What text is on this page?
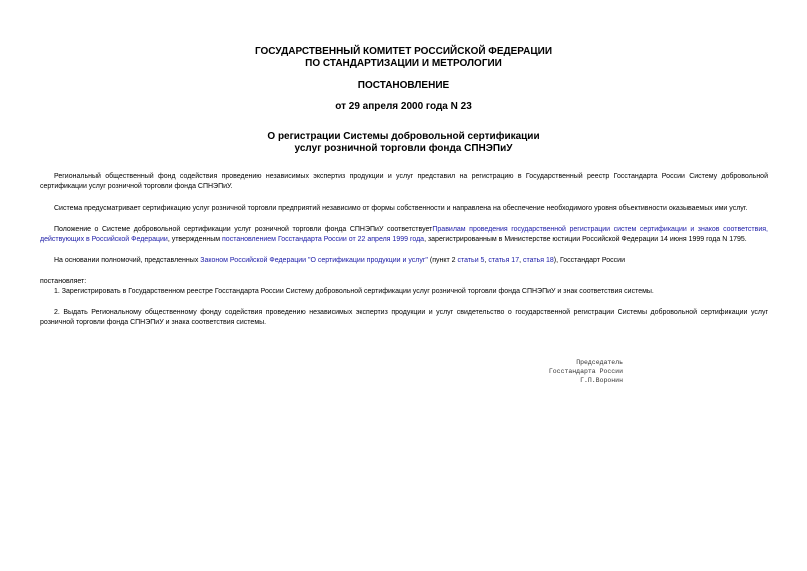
ГОСУДАРСТВЕННЫЙ КОМИТЕТ РОССИЙСКОЙ ФЕДЕРАЦИИ
ПО СТАНДАРТИЗАЦИИ И МЕТРОЛОГИИ
ПОСТАНОВЛЕНИЕ
от 29 апреля 2000 года N 23
О регистрации Системы добровольной сертификации
услуг розничной торговли фонда СПНЭПиУ
Региональный общественный фонд содействия проведению независимых экспертиз продукции и услуг представил на регистрацию в Государственный реестр Госстандарта России Систему добровольной сертификации услуг розничной торговли фонда СПНЭПиУ.
Система предусматривает сертификацию услуг розничной торговли предприятий независимо от формы собственности и направлена на обеспечение необходимого уровня объективности оказываемых ими услуг.
Положение о Системе добровольной сертификации услуг розничной торговли фонда СПНЭПиУ соответствуетПравилам проведения государственной регистрации систем сертификации и знаков соответствия, действующих в Российской Федерации, утвержденным постановлением Госстандарта России от 22 апреля 1999 года, зарегистрированным в Министерстве юстиции Российской Федерации 14 июня 1999 года N 1795.
На основании полномочий, представленных Законом Российской Федерации "О сертификации продукции и услуг" (пункт 2 статьи 5, статья 17, статья 18), Госстандарт России
постановляет:
1. Зарегистрировать в Государственном реестре Госстандарта России Систему добровольной сертификации услуг розничной торговли фонда СПНЭПиУ и знак соответствия системы.
2. Выдать Региональному общественному фонду содействия проведению независимых экспертиз продукции и услуг свидетельство о государственной регистрации Системы добровольной сертификации услуг розничной торговли фонда СПНЭПиУ и знака соответствия системы.
Председатель
Госстандарта России
Г.П.Воронин
